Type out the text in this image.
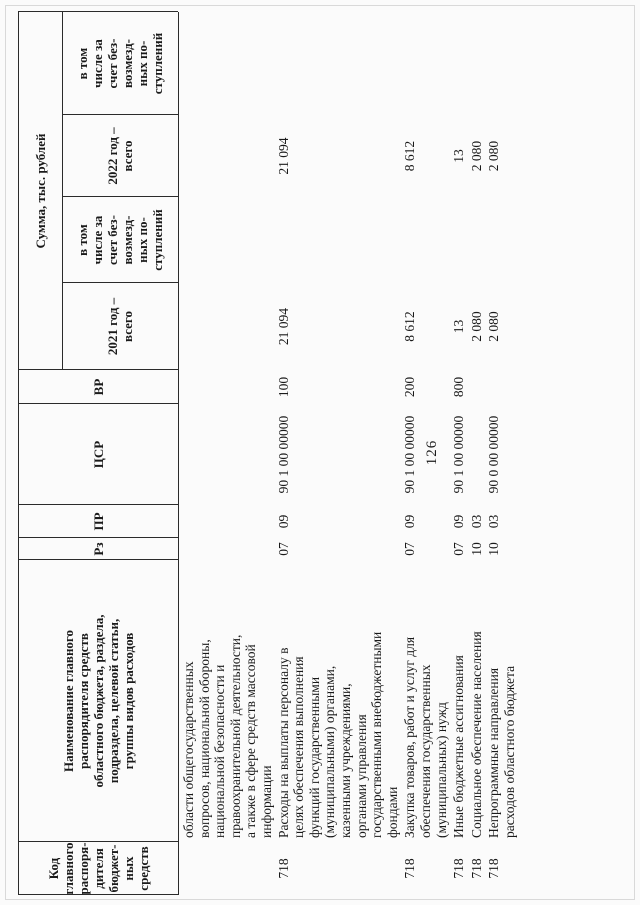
126
Код главного распоря- дителя бюджет- ных средств
Наименование главного распорядителя средств областного бюджета, раздела, подраздела, целевой статьи, группы видов расходов
Рз
ПР
ЦСР
ВР
Сумма, тыс. рублей
2021 год – всего
в том числе за счет без- возмезд- ных по- ступлений
2022 год – всего
в том числе за счет без- возмезд- ных по- ступлений
области общегосударственных вопросов, национальной обороны, национальной безопасности и правоохранительной деятельности, а также в сфере средств массовой информации
718
Расходы на выплаты персоналу в целях обеспечения выполнения функций государственными (муниципальными) органами, казенными учреждениями, органами управления государственными внебюджетными фондами
07
09
90 1 00 00000
100
21 094
21 094
718
Закупка товаров, работ и услуг для обеспечения государственных (муниципальных) нужд
07
09
90 1 00 00000
200
8 612
8 612
718
Иные бюджетные ассигнования
07
09
90 1 00 00000
800
13
13
718
Социальное обеспечение населения
10
03
2 080
2 080
718
Непрограммные направления расходов областного бюджета
10
03
90 0 00 00000
2 080
2 080
